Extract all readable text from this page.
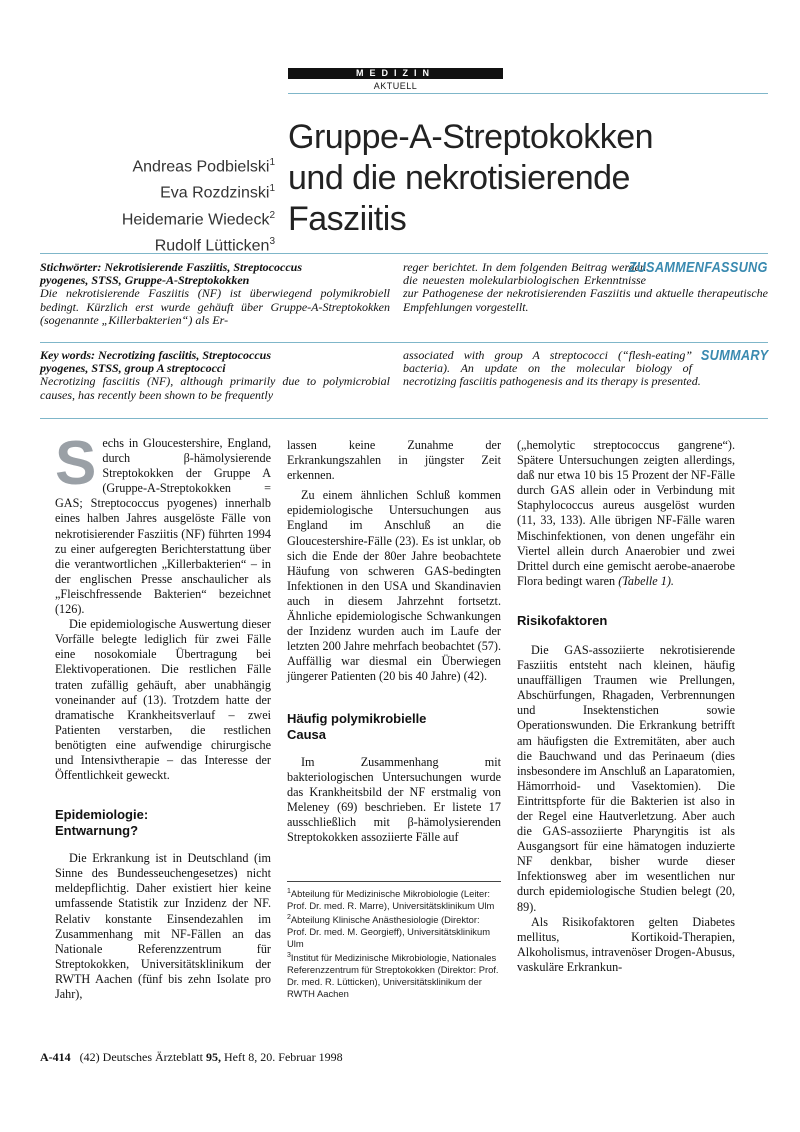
MEDIZIN
AKTUELL
Andreas Podbielski$^1$
Eva Rozdzinski$^1$
Heidemarie Wiedeck$^2$
Rudolf Lütticken$^3$
Gruppe-A-Streptokokken
und die nekrotisierende
Fasziitis
Stichwörter: Nekrotisierende Fasziitis, Streptococcus
pyogenes, STSS, Gruppe-A-Streptokokken
Die nekrotisierende Fasziitis (NF) ist überwiegend polymikrobiell bedingt. Kürzlich erst wurde gehäuft über Gruppe-A-Streptokokken (sogenannte „Killerbakterien“) als Er-
ZUSAMMENFASSUNG
reger berichtet. In dem folgenden Beitrag werden die neuesten molekularbiologischen Erkenntnisse zur Pathogenese der nekrotisierenden Fasziitis und aktuelle therapeutische Empfehlungen vorgestellt.
Key words: Necrotizing fasciitis, Streptococcus
pyogenes, STSS, group A streptococci
Necrotizing fasciitis (NF), although primarily due to polymicrobial causes, has recently been shown to be frequently
SUMMARY
associated with group A streptococci (“flesh-eating” bacteria). An update on the molecular biology of necrotizing fasciitis pathogenesis and its therapy is presented.

Sechs in Gloucestershire, England, durch β-hämolysierende Streptokokken der Gruppe A (Gruppe-A-Streptokokken = GAS; Streptococcus pyogenes) innerhalb eines halben Jahres ausgelöste Fälle von nekrotisierender Fasziitis (NF) führten 1994 zu einer aufgeregten Berichterstattung über die verantwortlichen „Killerbakterien“ – in der englischen Presse anschaulicher als „Fleischfressende Bakterien“ bezeichnet (126).

Die epidemiologische Auswertung dieser Vorfälle belegte lediglich für zwei Fälle eine nosokomiale Übertragung bei Elektivoperationen. Die restlichen Fälle traten zufällig gehäuft, aber unabhängig voneinander auf (13). Trotzdem hatte der dramatische Krankheitsverlauf – zwei Patienten verstarben, die restlichen benötigten eine aufwendige chirurgische und Intensivtherapie – das Interesse der Öffentlichkeit geweckt.

Epidemiologie:
Entwarnung?

Die Erkrankung ist in Deutschland (im Sinne des Bundesseuchengesetzes) nicht meldepflichtig. Daher existiert hier keine umfassende Statistik zur Inzidenz der NF. Relativ konstante Einsendezahlen im Zusammenhang mit NF-Fällen an das Nationale Referenzzentrum für Streptokokken, Universitätsklinikum der RWTH Aachen (fünf bis zehn Isolate pro Jahr),

lassen keine Zunahme der Erkrankungszahlen in jüngster Zeit erkennen.

Zu einem ähnlichen Schluß kommen epidemiologische Untersuchungen aus England im Anschluß an die Gloucestershire-Fälle (23). Es ist unklar, ob sich die Ende der 80er Jahre beobachtete Häufung von schweren GAS-bedingten Infektionen in den USA und Skandinavien auch in diesem Jahrzehnt fortsetzt. Ähnliche epidemiologische Schwankungen der Inzidenz wurden auch im Laufe der letzten 200 Jahre mehrfach beobachtet (57). Auffällig war diesmal ein Überwiegen jüngerer Patienten (20 bis 40 Jahre) (42).

Häufig polymikrobielle
Causa

Im Zusammenhang mit bakteriologischen Untersuchungen wurde das Krankheitsbild der NF erstmalig von Meleney (69) beschrieben. Er listete 17 ausschließlich mit β-hämolysierenden Streptokokken assoziierte Fälle auf

$^1$Abteilung für Medizinische Mikrobiologie (Leiter: Prof. Dr. med. R. Marre), Universitätsklinikum Ulm
$^2$Abteilung Klinische Anästhesiologie (Direktor: Prof. Dr. med. M. Georgieff), Universitätsklinikum Ulm
$^3$Institut für Medizinische Mikrobiologie, Nationales Referenzzentrum für Streptokokken (Direktor: Prof. Dr. med. R. Lütticken), Universitätsklinikum der RWTH Aachen

(„hemolytic streptococcus gangrene“). Spätere Untersuchungen zeigten allerdings, daß nur etwa 10 bis 15 Prozent der NF-Fälle durch GAS allein oder in Verbindung mit Staphylococcus aureus ausgelöst wurden (11, 33, 133). Alle übrigen NF-Fälle waren Mischinfektionen, von denen ungefähr ein Viertel allein durch Anaerobier und zwei Drittel durch eine gemischt aerobe-anaerobe Flora bedingt waren (Tabelle 1).

Risikofaktoren

Die GAS-assoziierte nekrotisierende Fasziitis entsteht nach kleinen, häufig unauffälligen Traumen wie Prellungen, Abschürfungen, Rhagaden, Verbrennungen und Insektenstichen sowie Operationswunden. Die Erkrankung betrifft am häufigsten die Extremitäten, aber auch die Bauchwand und das Perinaeum (dies insbesondere im Anschluß an Laparatomien, Hämorrhoid- und Vasektomien). Die Eintrittspforte für die Bakterien ist also in der Regel eine Hautverletzung. Aber auch die GAS-assoziierte Pharyngitis ist als Ausgangsort für eine hämatogen induzierte NF denkbar, bisher wurde dieser Infektionsweg aber im wesentlichen nur durch epidemiologische Studien belegt (20, 89).

Als Risikofaktoren gelten Diabetes mellitus, Kortikoid-Therapien, Alkoholismus, intravenöser Drogen-Abusus, vaskuläre Erkrankun-

A-414 (42) Deutsches Ärzteblatt 95, Heft 8, 20. Februar 1998
